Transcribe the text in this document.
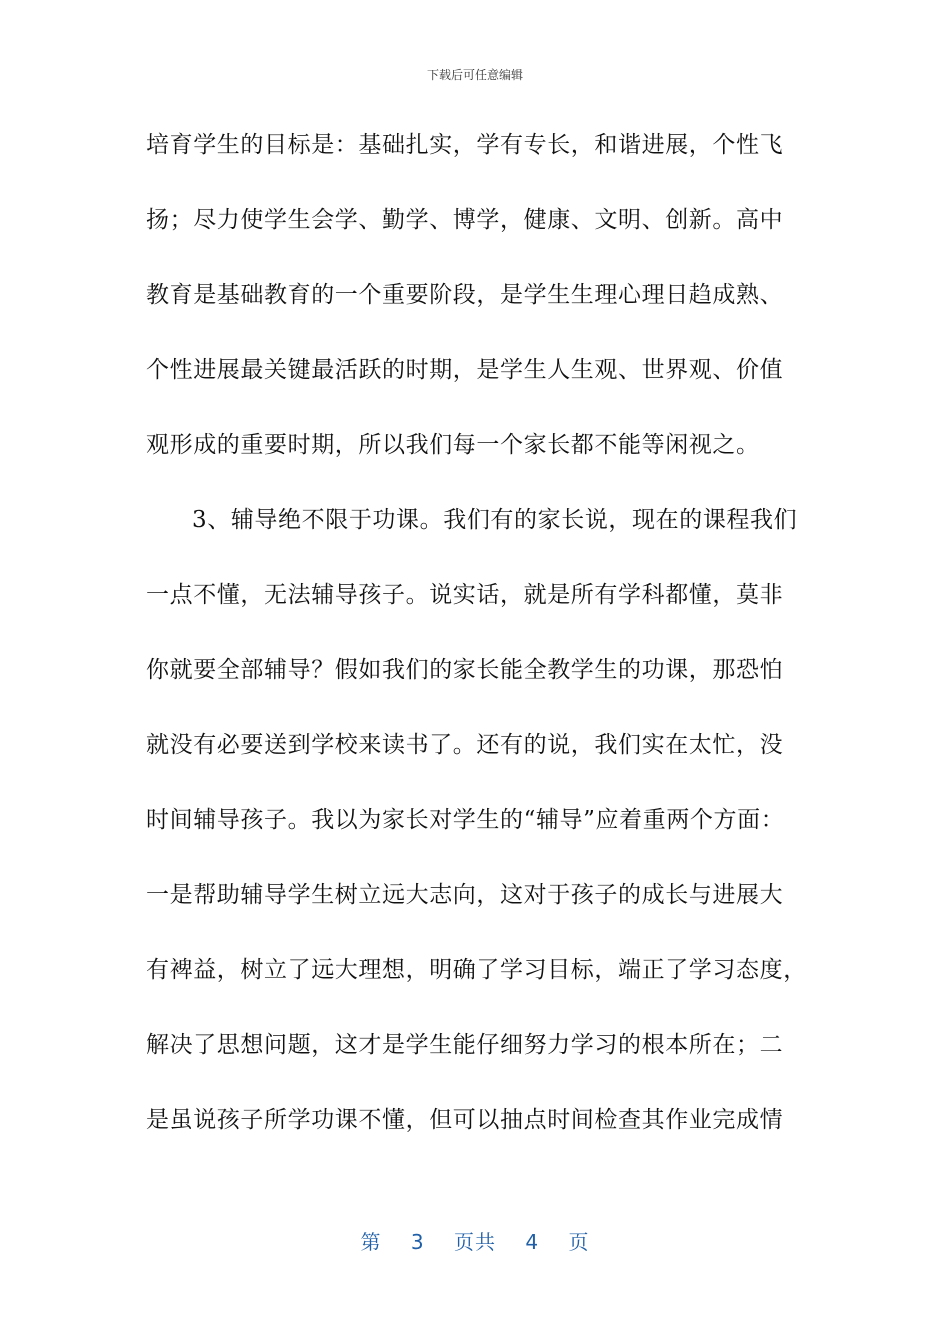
下载后可任意编辑
培育学生的目标是：基础扎实，学有专长，和谐进展，个性飞
扬；尽力使学生会学、勤学、博学，健康、文明、创新。高中
教育是基础教育的一个重要阶段，是学生生理心理日趋成熟、
个性进展最关键最活跃的时期，是学生人生观、世界观、价值
观形成的重要时期，所以我们每一个家长都不能等闲视之。
3、辅导绝不限于功课。我们有的家长说，现在的课程我们
一点不懂，无法辅导孩子。说实话，就是所有学科都懂，莫非
你就要全部辅导？假如我们的家长能全教学生的功课，那恐怕
就没有必要送到学校来读书了。还有的说，我们实在太忙，没
时间辅导孩子。我以为家长对学生的“辅导”应着重两个方面：
一是帮助辅导学生树立远大志向，这对于孩子的成长与进展大
有裨益，树立了远大理想，明确了学习目标，端正了学习态度，
解决了思想问题，这才是学生能仔细努力学习的根本所在；二
是虽说孩子所学功课不懂，但可以抽点时间检查其作业完成情
第 3 页共 4 页
